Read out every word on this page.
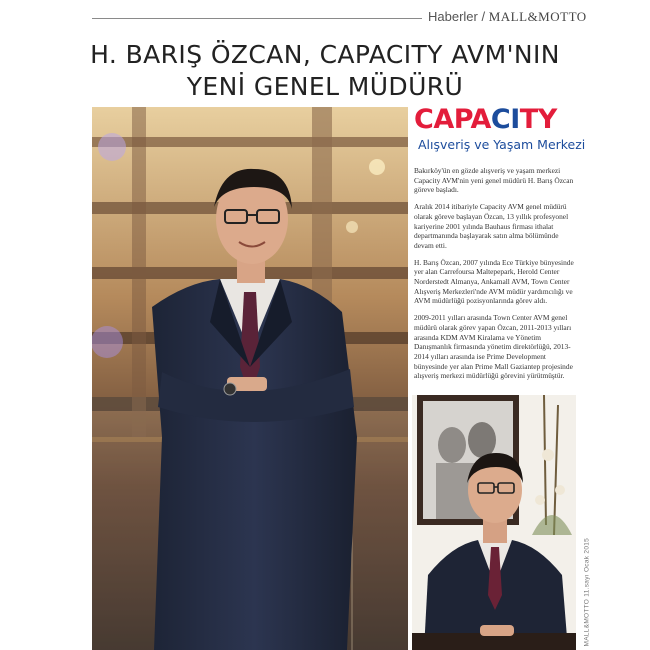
Haberler / MALL&MOTTO
H. BARIŞ ÖZCAN, CAPACITY AVM'NIN
YENİ GENEL MÜDÜRÜ
CAPACITY
Alışveriş ve Yaşam Merkezi

Bakırköy'ün en gözde alışveriş ve yaşam merkezi Capacity AVM'nin yeni genel müdürü H. Barış Özcan göreve başladı.

Aralık 2014 itibariyle Capacity AVM genel müdürü olarak göreve başlayan Özcan, 13 yıllık profesyonel kariyerine 2001 yılında Bauhaus firması ithalat departmanında başlayarak satın alma bölümünde devam etti.

H. Barış Özcan, 2007 yılında Ece Türkiye bünyesinde yer alan Carrefoursa Maltepepark, Herold Center Norderstedt Almanya, Ankamall AVM, Town Center Alışveriş Merkezleri'nde AVM müdür yardımcılığı ve AVM müdürlüğü pozisyonlarında görev aldı.

2009-2011 yılları arasında Town Center AVM genel müdürü olarak görev yapan Özcan, 2011-2013 yılları arasında KDM AVM Kiralama ve Yönetim Danışmanlık firmasında yönetim direktörlüğü, 2013-2014 yılları arasında ise Prime Development bünyesinde yer alan Prime Mall Gaziantep projesinde alışveriş merkezi müdürlüğü görevini yürütmüştür.

MALL&MOTTO 11.sayı Ocak 2015
